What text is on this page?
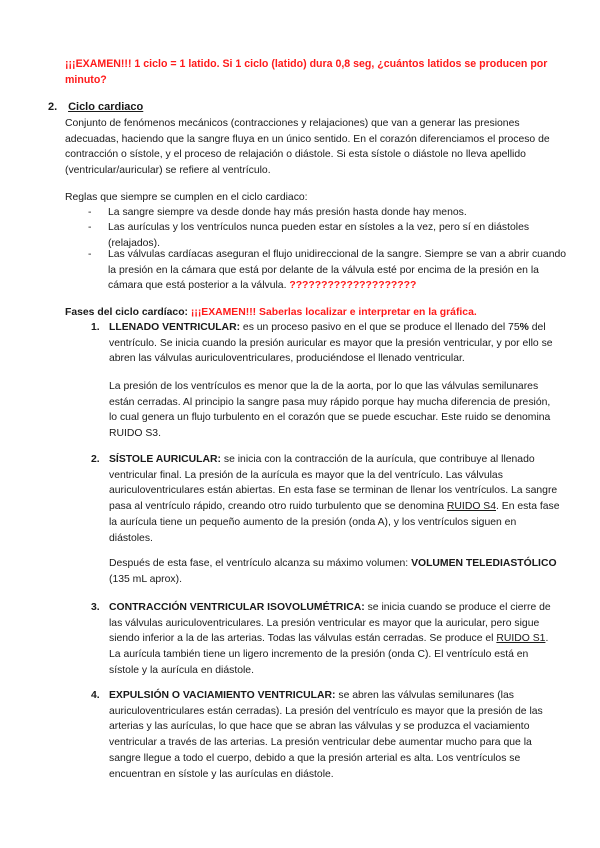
¡¡¡EXAMEN!!! 1 ciclo = 1 latido. Si 1 ciclo (latido) dura 0,8 seg, ¿cuántos latidos se producen por minuto?

2. Ciclo cardiaco

Conjunto de fenómenos mecánicos (contracciones y relajaciones) que van a generar las presiones adecuadas, haciendo que la sangre fluya en un único sentido. En el corazón diferenciamos el proceso de contracción o sístole, y el proceso de relajación o diástole. Si esta sístole o diástole no lleva apellido (ventricular/auricular) se refiere al ventrículo.

Reglas que siempre se cumplen en el ciclo cardiaco:

-	La sangre siempre va desde donde hay más presión hasta donde hay menos.
-	Las aurículas y los ventrículos nunca pueden estar en sístoles a la vez, pero sí en diástoles (relajados).
-	Las válvulas cardíacas aseguran el flujo unidireccional de la sangre. Siempre se van a abrir cuando la presión en la cámara que está por delante de la válvula esté por encima de la presión en la cámara que está posterior a la válvula. ????????????????????

Fases del ciclo cardíaco: ¡¡¡EXAMEN!!! Saberlas localizar e interpretar en la gráfica.

1. LLENADO VENTRICULAR: es un proceso pasivo en el que se produce el llenado del 75% del ventrículo. Se inicia cuando la presión auricular es mayor que la presión ventricular, y por ello se abren las válvulas auriculoventriculares, produciéndose el llenado ventricular.

La presión de los ventrículos es menor que la de la aorta, por lo que las válvulas semilunares están cerradas. Al principio la sangre pasa muy rápido porque hay mucha diferencia de presión, lo cual genera un flujo turbulento en el corazón que se puede escuchar. Este ruido se denomina RUIDO S3.

2. SÍSTOLE AURICULAR: se inicia con la contracción de la aurícula, que contribuye al llenado ventricular final. La presión de la aurícula es mayor que la del ventrículo. Las válvulas auriculoventriculares están abiertas. En esta fase se terminan de llenar los ventrículos. La sangre pasa al ventrículo rápido, creando otro ruido turbulento que se denomina RUIDO S4. En esta fase la aurícula tiene un pequeño aumento de la presión (onda A), y los ventrículos siguen en diástoles.

Después de esta fase, el ventrículo alcanza su máximo volumen: VOLUMEN TELEDIASTÓLICO (135 mL aprox).

3. CONTRACCIÓN VENTRICULAR ISOVOLUMÉTRICA: se inicia cuando se produce el cierre de las válvulas auriculoventriculares. La presión ventricular es mayor que la auricular, pero sigue siendo inferior a la de las arterias. Todas las válvulas están cerradas. Se produce el RUIDO S1. La aurícula también tiene un ligero incremento de la presión (onda C). El ventrículo está en sístole y la aurícula en diástole.
4. EXPULSIÓN O VACIAMIENTO VENTRICULAR: se abren las válvulas semilunares (las auriculoventriculares están cerradas). La presión del ventrículo es mayor que la presión de las arterias y las aurículas, lo que hace que se abran las válvulas y se produzca el vaciamiento ventricular a través de las arterias. La presión ventricular debe aumentar mucho para que la sangre llegue a todo el cuerpo, debido a que la presión arterial es alta. Los ventrículos se encuentran en sístole y las aurículas en diástole.
